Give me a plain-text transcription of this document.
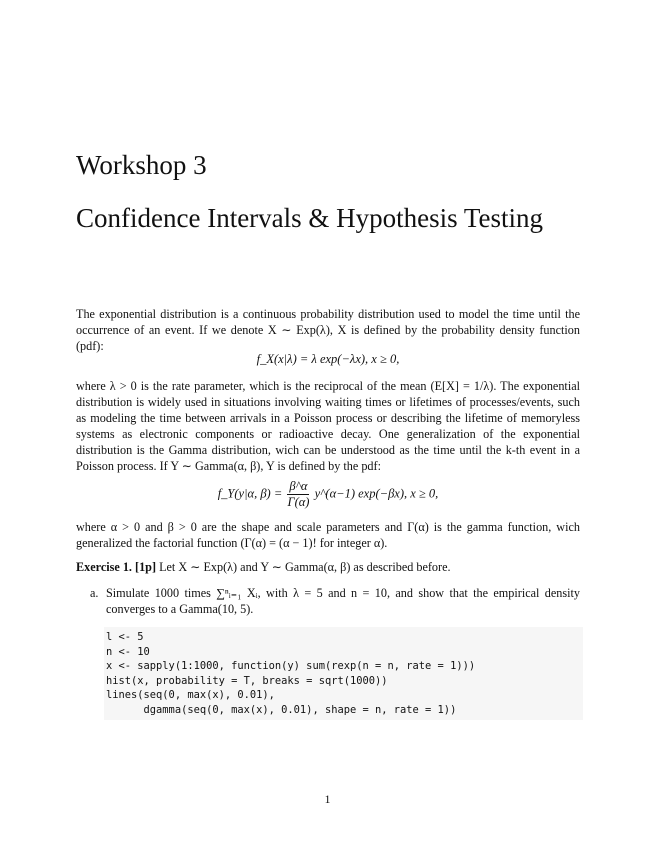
Workshop 3
Confidence Intervals & Hypothesis Testing
The exponential distribution is a continuous probability distribution used to model the time until the occurrence of an event. If we denote X ∼ Exp(λ), X is defined by the probability density function (pdf):
f_X(x|λ) = λ exp(−λx), x ≥ 0,
where λ > 0 is the rate parameter, which is the reciprocal of the mean (E[X] = 1/λ). The exponential distribution is widely used in situations involving waiting times or lifetimes of processes/events, such as modeling the time between arrivals in a Poisson process or describing the lifetime of memoryless systems as electronic components or radioactive decay. One generalization of the exponential distribution is the Gamma distribution, wich can be understood as the time until the k-th event in a Poisson process. If Y ∼ Gamma(α, β), Y is defined by the pdf:
f_Y(y|α, $\beta) = \frac{\beta\^{}\alpha}{\Gamma(\alpha)}$ y^(α−1) exp(−βx), x ≥ 0,
where α > 0 and β > 0 are the shape and scale parameters and Γ(α) is the gamma function, wich generalized the factorial function (Γ(α) = (α − 1)! for integer α).
Exercise 1. [1p] Let X ∼ Exp(λ) and Y ∼ Gamma(α, β) as described before.
a. Simulate 1000 times ∑ⁿᵢ₌₁ Xᵢ, with λ = 5 and n = 10, and show that the empirical density converges to a Gamma(10, 5).
l <- 5
n <- 10
x <- sapply(1:1000, function(y) sum(rexp(n = n, rate = 1)))
hist(x, probability = T, breaks = sqrt(1000))
lines(seq(0, max(x), 0.01),
dgamma(seq(0, max(x), 0.01), shape = n, rate = 1))
1
